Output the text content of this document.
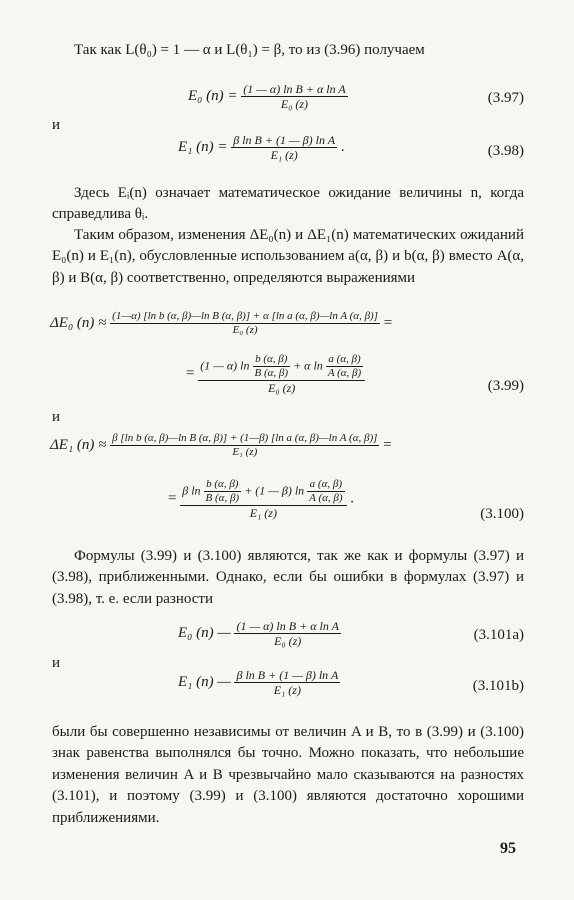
Так как L(θ₀) = 1 — α и L(θ₁) = β, то из (3.96) получаем
E₀ $(n) = \frac{\text{(1 — α) ln B + α ln A}}{\text{E₀ (z)}}$	(3.97)
и
E₁ $(n) = \frac{\text{β ln B + (1 — β) ln A}}{\text{E₁ (z)}}$ .	(3.98)
Здесь Eᵢ(n) означает математическое ожидание величины n, когда справедлива θᵢ.
Таким образом, изменения ΔE₀(n) и ΔE₁(n) математических ожиданий E₀(n) и E₁(n), обусловленные использованием a(α, β) и b(α, β) вместо A(α, β) и B(α, β) соответственно, определяются выражениями
ΔE₀ (n) ≈ (1—α) [ln b (α, β)—ln B (α, β)] + α [ln a (α, β)—ln A (α, β)]
E₀ (z)	=
=
(1 — α) $\ln \frac{b (\alpha, \beta)}{B (\alpha, \beta)} + \alpha$ $\ln \frac{a (\alpha, \beta)}{A (\alpha, \beta)}$
E₀ (z)	(3.99)
и
ΔE₁ (n) ≈ β [ln b (α, β)—ln B (α, β)] + (1—β) [ln a (α, β)—ln A (α, β)]
E₁ (z)	=
=
β $\ln \frac{b (\alpha, \beta)}{B (\alpha, \beta)} + (1$ — β) $\ln \frac{a (\alpha, \beta)}{A (\alpha, \beta)}$
E₁ (z)
.
(3.100)
Формулы (3.99) и (3.100) являются, так же как и формулы (3.97) и (3.98), приближенными. Однако, если бы ошибки в формулах (3.97) и (3.98), т. е. если разности
E₀ (n) — $\frac{\text{(1 — α) ln B + α ln A}}{\text{E₀ (z)}}$	(3.101a)
и
E₁ (n) — $\frac{\text{β ln B + (1 — β) ln A}}{\text{E₁ (z)}}$	(3.101b)
были бы совершенно независимы от величин A и B, то в (3.99) и (3.100) знак равенства выполнялся бы точно. Можно показать, что небольшие изменения величин A и B чрезвычайно мало сказываются на разностях (3.101), и поэтому (3.99) и (3.100) являются достаточно хорошими приближениями.
95
